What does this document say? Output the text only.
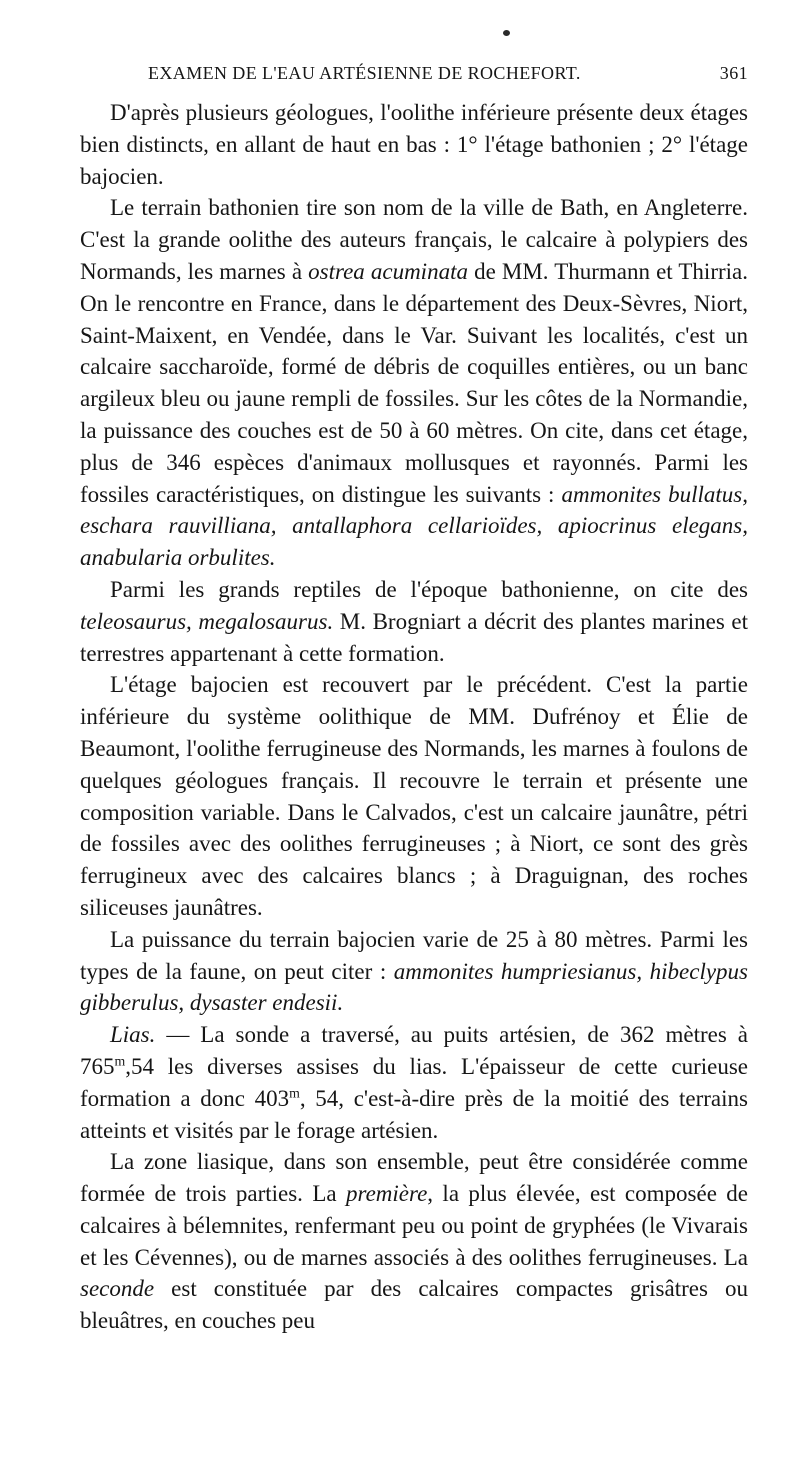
EXAMEN DE L'EAU ARTÉSIENNE DE ROCHEFORT.	361

D'après plusieurs géologues, l'oolithe inférieure présente deux étages bien distincts, en allant de haut en bas : 1° l'étage bathonien ; 2° l'étage bajocien.

Le terrain bathonien tire son nom de la ville de Bath, en Angleterre. C'est la grande oolithe des auteurs français, le calcaire à polypiers des Normands, les marnes à ostrea acuminata de MM. Thurmann et Thirria. On le rencontre en France, dans le département des Deux-Sèvres, Niort, Saint-Maixent, en Vendée, dans le Var. Suivant les localités, c'est un calcaire saccharoïde, formé de débris de coquilles entières, ou un banc argileux bleu ou jaune rempli de fossiles. Sur les côtes de la Normandie, la puissance des couches est de 50 à 60 mètres. On cite, dans cet étage, plus de 346 espèces d'animaux mollusques et rayonnés. Parmi les fossiles caractéristiques, on distingue les suivants : ammonites bullatus, eschara rauvilliana, antallaphora cellarioïdes, apiocrinus elegans, anabularia orbulites.

Parmi les grands reptiles de l'époque bathonienne, on cite des teleosaurus, megalosaurus. M. Brogniart a décrit des plantes marines et terrestres appartenant à cette formation.

L'étage bajocien est recouvert par le précédent. C'est la partie inférieure du système oolithique de MM. Dufrénoy et Élie de Beaumont, l'oolithe ferrugineuse des Normands, les marnes à foulons de quelques géologues français. Il recouvre le terrain et présente une composition variable. Dans le Calvados, c'est un calcaire jaunâtre, pétri de fossiles avec des oolithes ferrugineuses ; à Niort, ce sont des grès ferrugineux avec des calcaires blancs ; à Draguignan, des roches siliceuses jaunâtres.

La puissance du terrain bajocien varie de 25 à 80 mètres. Parmi les types de la faune, on peut citer : ammonites humpriesianus, hibeclypus gibberulus, dysaster endesii.

Lias. — La sonde a traversé, au puits artésien, de 362 mètres à 765$^m$,54 les diverses assises du lias. L'épaisseur de cette curieuse formation a donc 403$^m$, 54, c'est-à-dire près de la moitié des terrains atteints et visités par le forage artésien.

La zone liasique, dans son ensemble, peut être considérée comme formée de trois parties. La première, la plus élevée, est composée de calcaires à bélemnites, renfermant peu ou point de gryphées (le Vivarais et les Cévennes), ou de marnes associés à des oolithes ferrugineuses. La seconde est constituée par des calcaires compactes grisâtres ou bleuâtres, en couches peu
